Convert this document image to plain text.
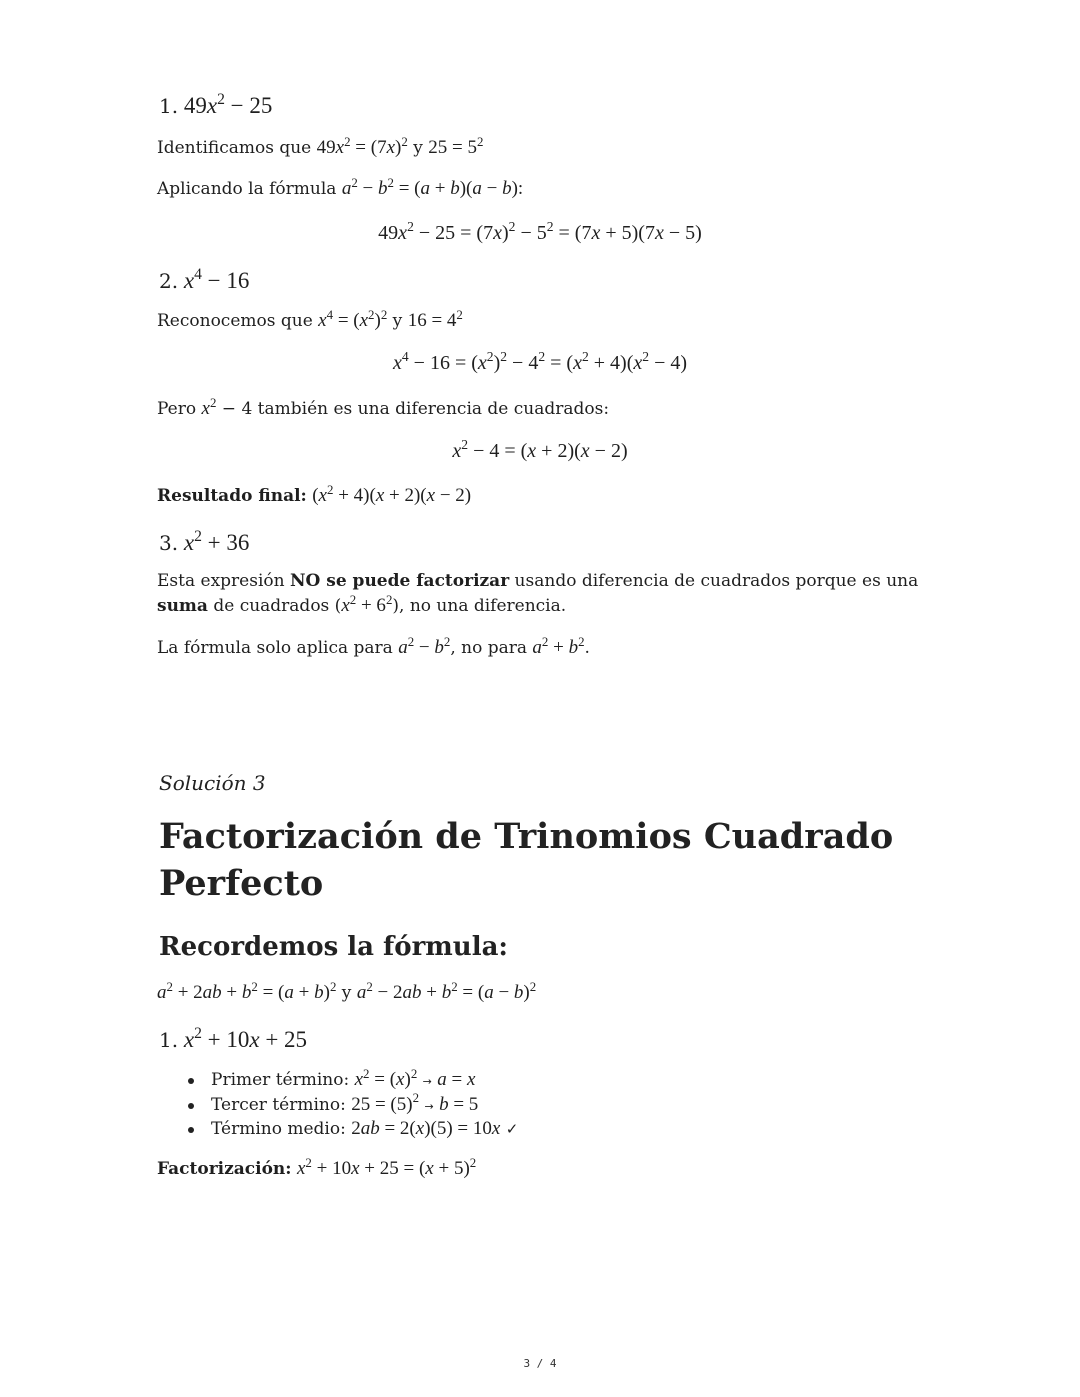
1. $49x^2 - 25$

Identificamos que $49x^2 = (7x)^2$ y $25 = 5^2$

Aplicando la fórmula $a^2 - b^2 = (a + b)(a - b)$:

$49x^2 - 25 = (7x)^2 - 5^2 = (7x + 5)(7x - 5)$
2. $x^4 - 16$

Reconocemos que $x^4 = (x^2)^2$ y $16 = 4^2$

$x^4 - 16 = (x^2)^2 - 4^2 = (x^2 + 4)(x^2 - 4)$

Pero $x^2 - 4$ también es una diferencia de cuadrados:

$x^2 - 4 = (x + 2)(x - 2)$

Resultado final: $(x^2 + 4)(x + 2)(x - 2)$

3. $x^2 + 36$

Esta expresión NO se puede factorizar usando diferencia de cuadrados porque es una

suma de cuadrados $(x^2 + 6^2)$, no una diferencia.

La fórmula solo aplica para $a^2 - b^2$, no para $a^2 + b^2$.

Solución 3
Factorización de Trinomios Cuadrado Perfecto
Recordemos la fórmula:

$a^2 + 2ab + b^2 = (a + b)^2$ y $a^2 - 2ab + b^2 = (a - b)^2$

1. $x^2 + 10x + 25$
Primer término: $x^2 = (x)^2 \to a = x$
Tercer término: $25 = (5)^2 \to b = 5$
Término medio: 2ab = 2(x)(5) = 10x ✓

Factorización: $x^2 + 10x + 25 = (x + 5)^2$

3 / 4
